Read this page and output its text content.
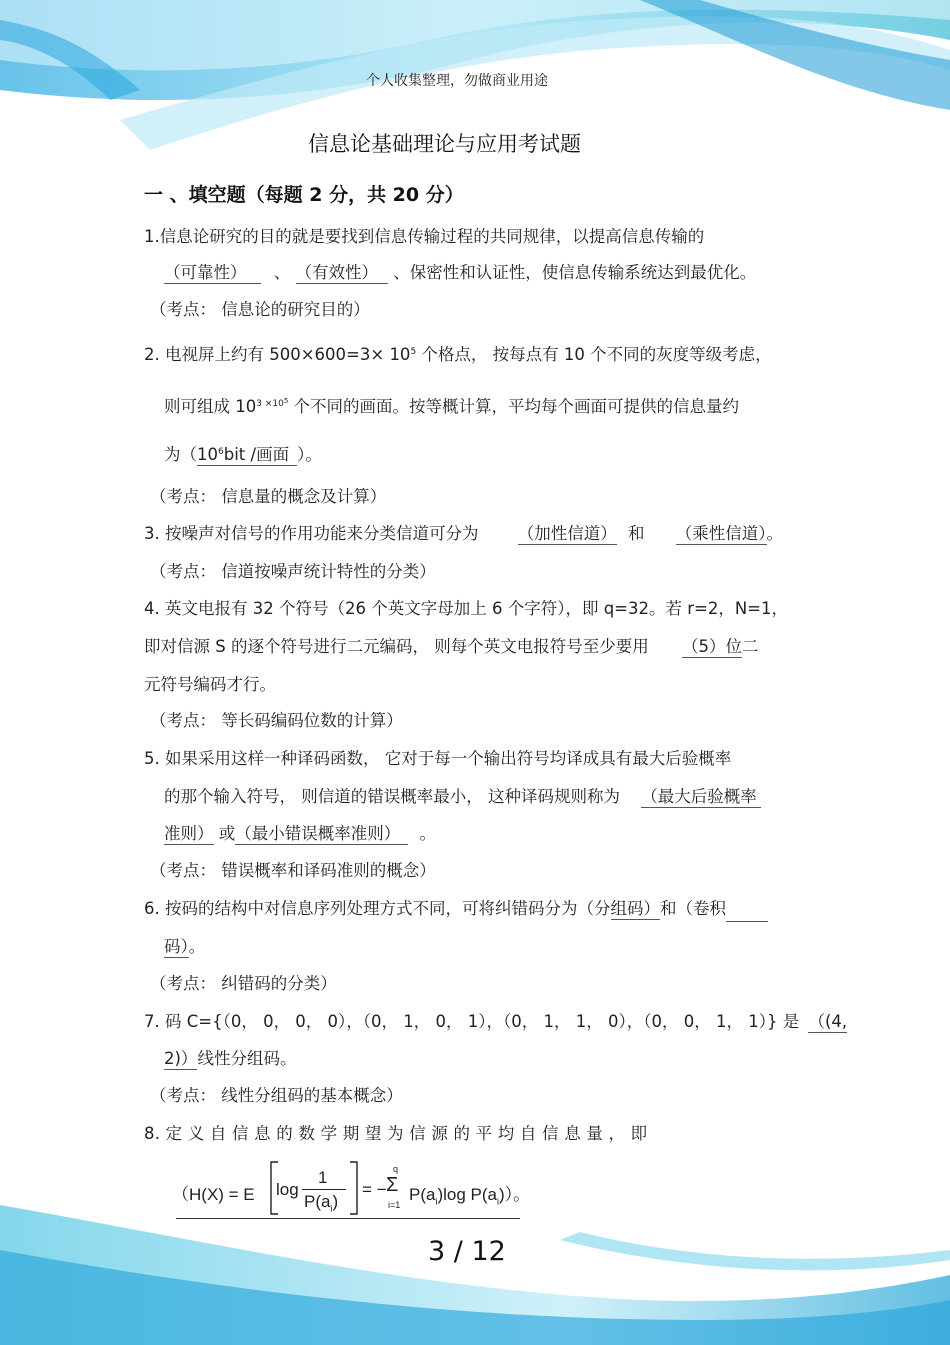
个人收集整理，勿做商业用途
信息论基础理论与应用考试题
一 、填空题（每题 2 分，共 20 分）
1.信息论研究的目的就是要找到信息传输过程的共同规律，以提高信息传输的
（可靠性） 、 （有效性） 、保密性和认证性，使信息传输系统达到最优化。
（考点： 信息论的研究目的）
2. 电视屏上约有 $500\times 600=3\times 10^5$ 个格点， 按每点有 10 个不同的灰度等级考虑，
则可组成 $10^{3 \times 10^5}$ 个不同的画面。按等概计算，平均每个画面可提供的信息量约
为（$10^6bit$ /画面 ）。
（考点： 信息量的概念及计算）
3. 按噪声对信号的作用功能来分类信道可分为 （加性信道） 和 （乘性信道）。
（考点： 信道按噪声统计特性的分类）
4. 英文电报有 32 个符号（26 个英文字母加上 6 个字符），即 q=32。若 r=2，N=1，
即对信源 S 的逐个符号进行二元编码， 则每个英文电报符号至少要用 （5）位二
元符号编码才行。
（考点： 等长码编码位数的计算）
5. 如果采用这样一种译码函数， 它对于每一个输出符号均译成具有最大后验概率
的那个输入符号， 则信道的错误概率最小， 这种译码规则称为 （最大后验概率
准则） 或（最小错误概率准则） 。
（考点： 错误概率和译码准则的概念）
6. 按码的结构中对信息序列处理方式不同，可将纠错码分为（分组码）和（卷积
码）。
（考点： 纠错码的分类）
7. 码 C={（0， 0， 0， 0），（0， 1， 0， 1），（0， 1， 1， 0），（0， 0， 1， 1）} 是 （(4,
2)）线性分组码。
（考点： 线性分组码的基本概念）
8. 定 义 自 信 息 的 数 学 期 望 为 信 源 的 平 均 自 信 息 量 ， 即
（H(X) = E log
1
$P(a_i)$
= −
q
Σ
i=1
$P(a_i)\log$ $P(a_i)$）。
3 / 12
